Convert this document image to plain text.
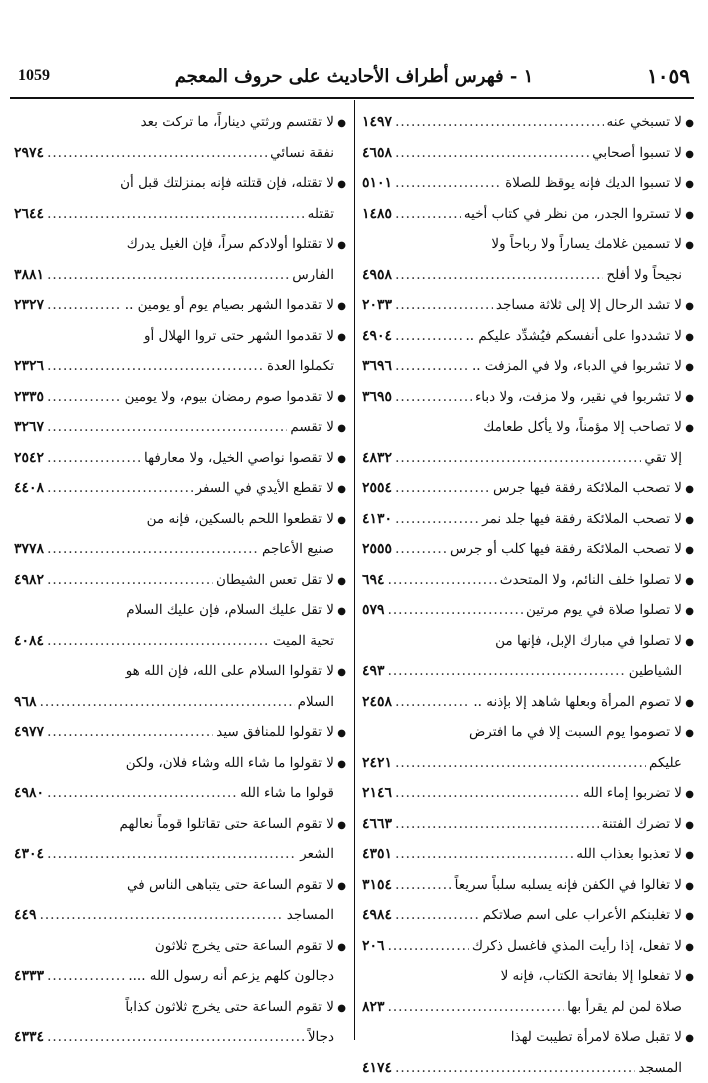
١٠٥٩
١ - فهرس أطراف الأحاديث على حروف المعجم
1059
●
لا تسبخي عنه
.....
١٤٩٧
●
لا تسبوا أصحابي
.....
٤٦٥٨
●
لا تسبوا الديك فإنه يوقظ للصلاة
.....
٥١٠١
●
لا تستروا الجدر، من نظر في كتاب أخيه
.....
١٤٨٥
●
لا تسمين غلامك يساراً ولا رباحاً ولا
نجيحاً ولا أفلح
.....
٤٩٥٨
●
لا تشد الرحال إلا إلى ثلاثة مساجد
.....
٢٠٣٣
●
لا تشددوا على أنفسكم فيُشدِّد عليكم ..
.....
٤٩٠٤
●
لا تشربوا في الدباء، ولا في المزفت ..
.....
٣٦٩٦
●
لا تشربوا في نقير، ولا مزفت، ولا دباء
.....
٣٦٩٥
●
لا تصاحب إلا مؤمناً، ولا يأكل طعامك
إلا تقي
.....
٤٨٣٢
●
لا تصحب الملائكة رفقة فيها جرس
.....
٢٥٥٤
●
لا تصحب الملائكة رفقة فيها جلد نمر
.....
٤١٣٠
●
لا تصحب الملائكة رفقة فيها كلب أو جرس
.....
٢٥٥٥
●
لا تصلوا خلف النائم، ولا المتحدث
.....
٦٩٤
●
لا تصلوا صلاة في يوم مرتين
.....
٥٧٩
●
لا تصلوا في مبارك الإبل، فإنها من
الشياطين
.....
٤٩٣
●
لا تصوم المرأة وبعلها شاهد إلا بإذنه ..
.....
٢٤٥٨
●
لا تصوموا يوم السبت إلا في ما افترض
عليكم
.....
٢٤٢١
●
لا تضربوا إماء الله
.....
٢١٤٦
●
لا تضرك الفتنة
.....
٤٦٦٣
●
لا تعذبوا بعذاب الله
.....
٤٣٥١
●
لا تغالوا في الكفن فإنه يسلبه سلباً سريعاً
.....
٣١٥٤
●
لا تغلبنكم الأعراب على اسم صلاتكم
.....
٤٩٨٤
●
لا تفعل، إذا رأيت المذي فاغسل ذكرك
.....
٢٠٦
●
لا تفعلوا إلا بفاتحة الكتاب، فإنه لا
صلاة لمن لم يقرأ بها
.....
٨٢٣
●
لا تقبل صلاة لامرأة تطيبت لهذا
المسجد
.....
٤١٧٤
●
لا تقتسم ورثتي ديناراً، ما تركت بعد
نفقة نسائي
.....
٢٩٧٤
●
لا تقتله، فإن قتلته فإنه بمنزلتك قبل أن
تقتله
.....
٢٦٤٤
●
لا تقتلوا أولادكم سراً، فإن الغيل يدرك
الفارس
.....
٣٨٨١
●
لا تقدموا الشهر بصيام يوم أو يومين ..
.....
٢٣٢٧
●
لا تقدموا الشهر حتى تروا الهلال أو
تكملوا العدة
.....
٢٣٢٦
●
لا تقدموا صوم رمضان بيوم، ولا يومين
.....
٢٣٣٥
●
لا تقسم
.....
٣٢٦٧
●
لا تقصوا نواصي الخيل، ولا معارفها
.....
٢٥٤٢
●
لا تقطع الأيدي في السفر
.....
٤٤٠٨
●
لا تقطعوا اللحم بالسكين، فإنه من
صنيع الأعاجم
.....
٣٧٧٨
●
لا تقل تعس الشيطان
.....
٤٩٨٢
●
لا تقل عليك السلام، فإن عليك السلام
تحية الميت
.....
٤٠٨٤
●
لا تقولوا السلام على الله، فإن الله هو
السلام
.....
٩٦٨
●
لا تقولوا للمنافق سيد
.....
٤٩٧٧
●
لا تقولوا ما شاء الله وشاء فلان، ولكن
قولوا ما شاء الله
.....
٤٩٨٠
●
لا تقوم الساعة حتى تقاتلوا قوماً نعالهم
الشعر
.....
٤٣٠٤
●
لا تقوم الساعة حتى يتباهى الناس في
المساجد
.....
٤٤٩
●
لا تقوم الساعة حتى يخرج ثلاثون
دجالون كلهم يزعم أنه رسول الله ....
.....
٤٣٣٣
●
لا تقوم الساعة حتى يخرج ثلاثون كذاباً
دجالاً
.....
٤٣٣٤
